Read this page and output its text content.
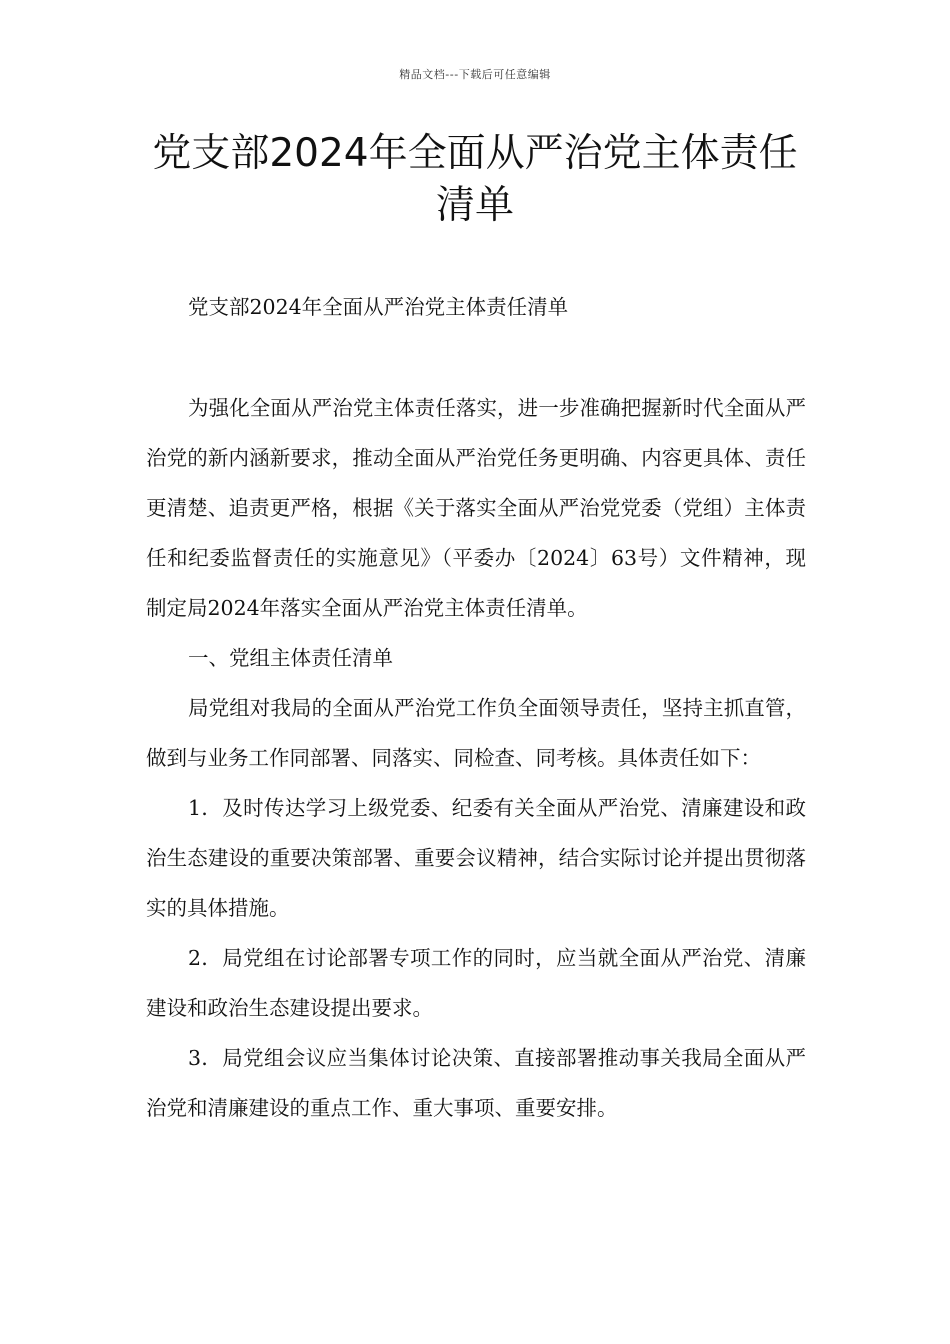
精品文档---下载后可任意编辑
党支部2024年全面从严治党主体责任
清单

党支部2024年全面从严治党主体责任清单

为强化全面从严治党主体责任落实，进一步准确把握新时代全面从严治党的新内涵新要求，推动全面从严治党任务更明确、内容更具体、责任更清楚、追责更严格，根据《关于落实全面从严治党党委（党组）主体责任和纪委监督责任的实施意见》（平委办〔2024〕63号）文件精神，现制定局2024年落实全面从严治党主体责任清单。

一、党组主体责任清单

局党组对我局的全面从严治党工作负全面领导责任，坚持主抓直管，做到与业务工作同部署、同落实、同检查、同考核。具体责任如下：

1．及时传达学习上级党委、纪委有关全面从严治党、清廉建设和政治生态建设的重要决策部署、重要会议精神，结合实际讨论并提出贯彻落实的具体措施。

2．局党组在讨论部署专项工作的同时，应当就全面从严治党、清廉建设和政治生态建设提出要求。

3．局党组会议应当集体讨论决策、直接部署推动事关我局全面从严治党和清廉建设的重点工作、重大事项、重要安排。
